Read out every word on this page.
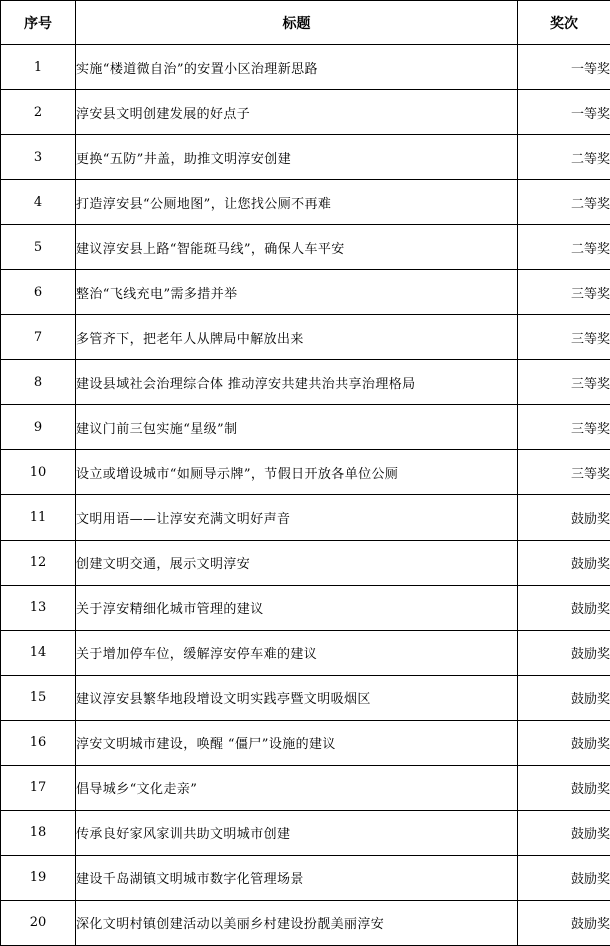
序号	标题	奖次
1	实施“楼道微自治”的安置小区治理新思路	一等奖
2	淳安县文明创建发展的好点子	一等奖
3	更换“五防”井盖，助推文明淳安创建	二等奖
4	打造淳安县“公厕地图”，让您找公厕不再难	二等奖
5	建议淳安县上路“智能斑马线”，确保人车平安	二等奖
6	整治“飞线充电”需多措并举	三等奖
7	多管齐下，把老年人从牌局中解放出来	三等奖
8	建设县域社会治理综合体 推动淳安共建共治共享治理格局	三等奖
9	建议门前三包实施“星级”制	三等奖
10	设立或增设城市“如厕导示牌”，节假日开放各单位公厕	三等奖
11	文明用语——让淳安充满文明好声音	鼓励奖
12	创建文明交通，展示文明淳安	鼓励奖
13	关于淳安精细化城市管理的建议	鼓励奖
14	关于增加停车位，缓解淳安停车难的建议	鼓励奖
15	建议淳安县繁华地段增设文明实践亭暨文明吸烟区	鼓励奖
16	淳安文明城市建设，唤醒 “僵尸”设施的建议	鼓励奖
17	倡导城乡“文化走亲”	鼓励奖
18	传承良好家风家训共助文明城市创建	鼓励奖
19	建设千岛湖镇文明城市数字化管理场景	鼓励奖
20	深化文明村镇创建活动以美丽乡村建设扮靓美丽淳安	鼓励奖
